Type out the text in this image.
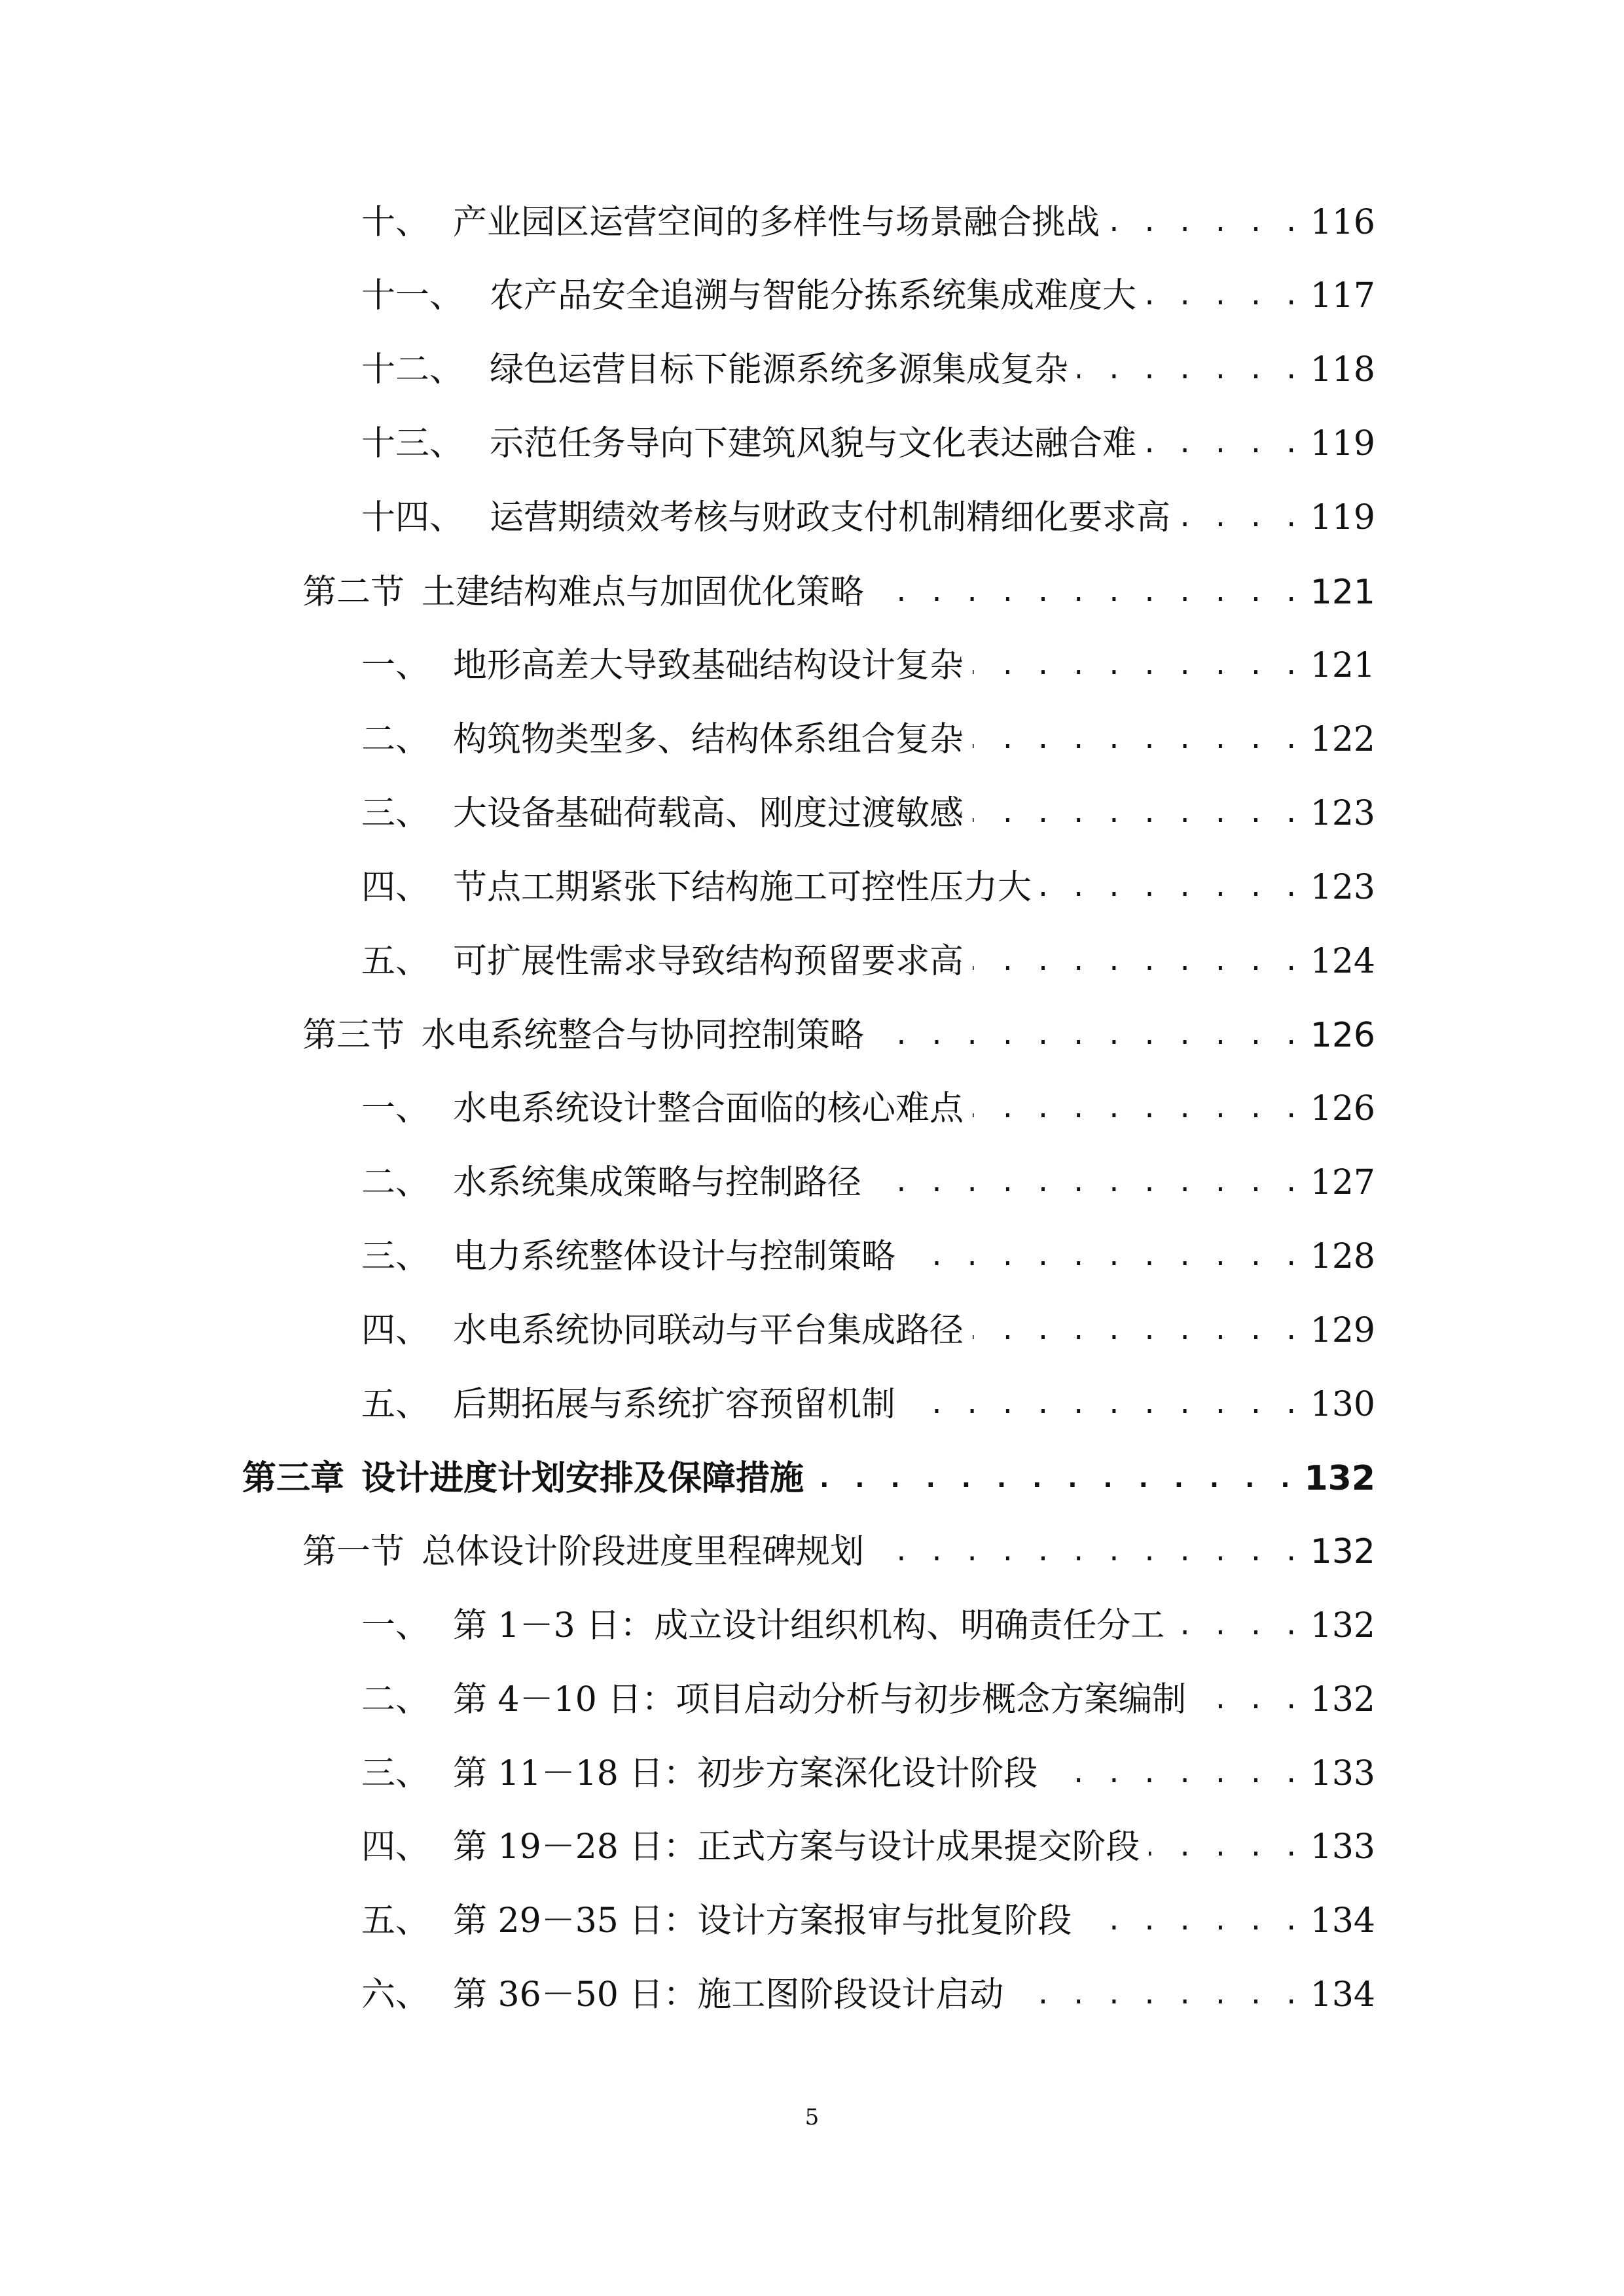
十、 产业园区运营空间的多样性与场景融合挑战 . . .	116
十一、 农产品安全追溯与智能分拣系统集成难度大 . . .	117
十二、 绿色运营目标下能源系统多源集成复杂 . . .	118
十三、 示范任务导向下建筑风貌与文化表达融合难 . . .	119
十四、 运营期绩效考核与财政支付机制精细化要求高 . . .	119
第二节 土建结构难点与加固优化策略 . . .	121
一、 地形高差大导致基础结构设计复杂 . . .	121
二、 构筑物类型多、结构体系组合复杂 . . .	122
三、 大设备基础荷载高、刚度过渡敏感 . . .	123
四、 节点工期紧张下结构施工可控性压力大 . . .	123
五、 可扩展性需求导致结构预留要求高 . . .	124
第三节 水电系统整合与协同控制策略 . . .	126
一、 水电系统设计整合面临的核心难点 . . .	126
二、 水系统集成策略与控制路径 . . .	127
三、 电力系统整体设计与控制策略 . . .	128
四、 水电系统协同联动与平台集成路径 . . .	129
五、 后期拓展与系统扩容预留机制 . . .	130
第三章 设计进度计划安排及保障措施 . . .	132
第一节 总体设计阶段进度里程碑规划 . . .	132
一、 第 1－3 日：成立设计组织机构、明确责任分工 . . .	132
二、 第 4－10 日：项目启动分析与初步概念方案编制 . . .	132
三、 第 11－18 日：初步方案深化设计阶段 . . .	133
四、 第 19－28 日：正式方案与设计成果提交阶段 . . .	133
五、 第 29－35 日：设计方案报审与批复阶段 . . .	134
六、 第 36－50 日：施工图阶段设计启动 . . .	134
5
